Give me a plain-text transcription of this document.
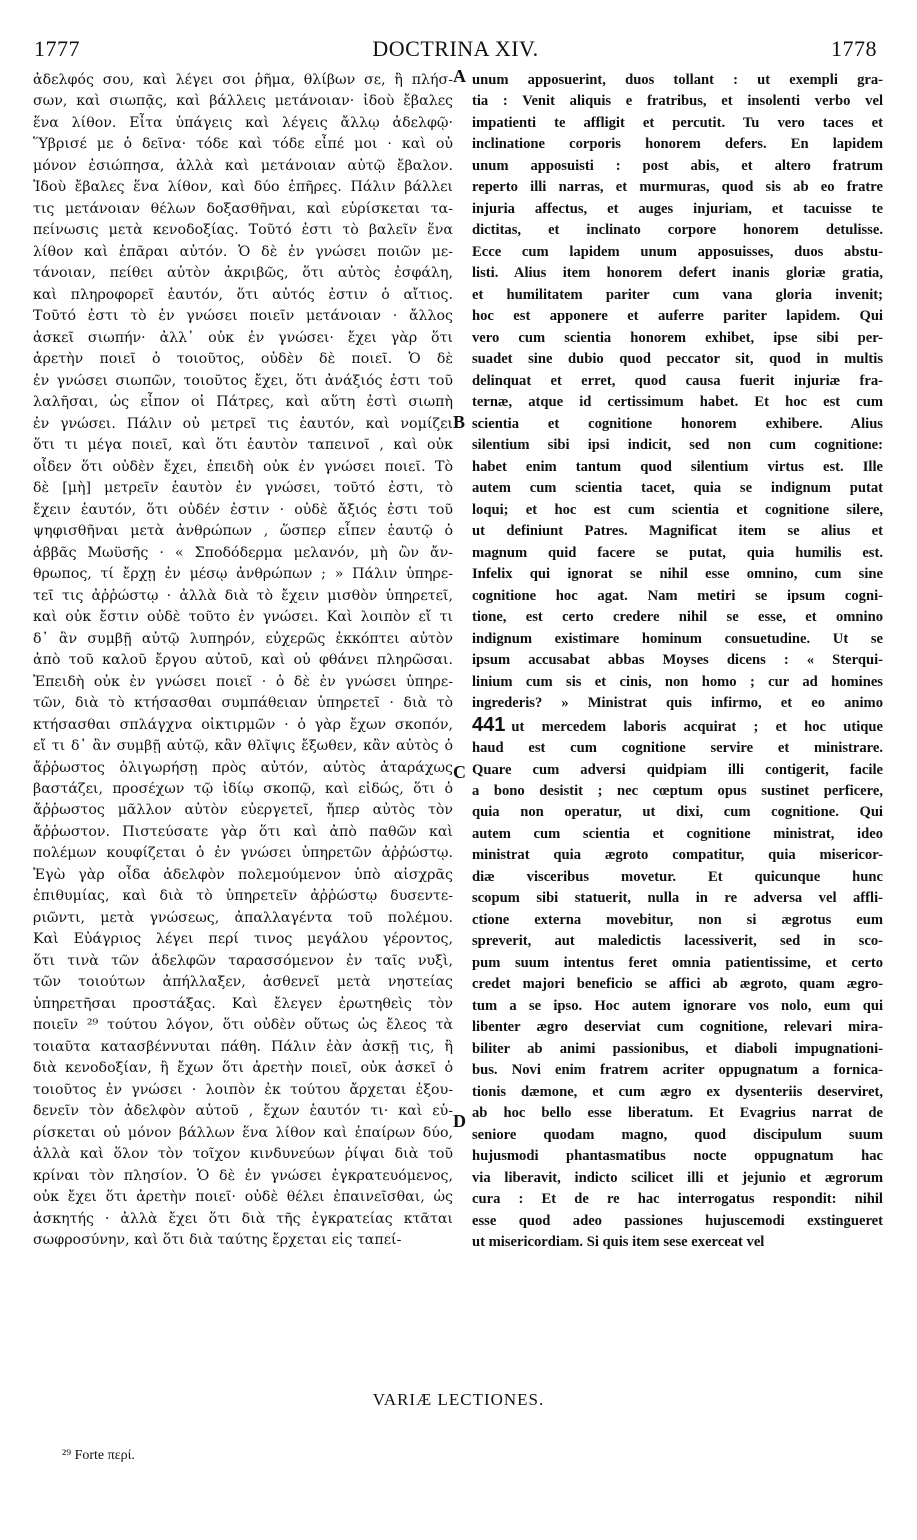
1777	DOCTRINA XIV.	1778
ἀδελφός σου, καὶ λέγει σοι ῥῆμα, θλίβων σε, ἢ πλήσ-
σων, καὶ σιωπᾷς, καὶ βάλλεις μετάνοιαν· ἰδοὺ ἔβαλες
ἕνα λίθον. Εἶτα ὑπάγεις καὶ λέγεις ἄλλῳ ἀδελφῷ·
Ὕβρισέ με ὁ δεῖνα· τόδε καὶ τόδε εἶπέ μοι · καὶ οὐ
μόνον ἐσιώπησα, ἀλλὰ καὶ μετάνοιαν αὐτῷ ἔβαλον.
Ἰδοὺ ἔβαλες ἕνα λίθον, καὶ δύο ἐπῆρες. Πάλιν βάλλει
τις μετάνοιαν θέλων δοξασθῆναι, καὶ εὑρίσκεται τα-
πείνωσις μετὰ κενοδοξίας. Τοῦτό ἐστι τὸ βαλεῖν ἕνα
λίθον καὶ ἐπᾶραι αὐτόν. Ὁ δὲ ἐν γνώσει ποιῶν με-
τάνοιαν, πείθει αὐτὸν ἀκριβῶς, ὅτι αὐτὸς ἐσφάλη,
καὶ πληροφορεῖ ἑαυτόν, ὅτι αὐτός ἐστιν ὁ αἴτιος.
Τοῦτό ἐστι τὸ ἐν γνώσει ποιεῖν μετάνοιαν · ἄλλος
ἀσκεῖ σιωπήν· ἀλλ᾽ οὐκ ἐν γνώσει· ἔχει γὰρ ὅτι
ἀρετὴν ποιεῖ ὁ τοιοῦτος, οὐδὲν δὲ ποιεῖ. Ὁ δὲ
ἐν γνώσει σιωπῶν, τοιοῦτος ἔχει, ὅτι ἀνάξιός ἐστι τοῦ
λαλῆσαι, ὡς εἶπον οἱ Πάτρες, καὶ αὕτη ἐστὶ σιωπὴ
ἐν γνώσει. Πάλιν οὐ μετρεῖ τις ἑαυτόν, καὶ νομίζει
ὅτι τι μέγα ποιεῖ, καὶ ὅτι ἑαυτὸν ταπεινοῖ , καὶ οὐκ
οἶδεν ὅτι οὐδὲν ἔχει, ἐπειδὴ οὐκ ἐν γνώσει ποιεῖ. Τὸ
δὲ [μὴ] μετρεῖν ἑαυτὸν ἐν γνώσει, τοῦτό ἐστι, τὸ
ἔχειν ἑαυτόν, ὅτι οὐδέν ἐστιν · οὐδὲ ἄξιός ἐστι τοῦ
ψηφισθῆναι μετὰ ἀνθρώπων , ὥσπερ εἶπεν ἑαυτῷ ὁ
ἀββᾶς Μωϋσῆς · « Σποδόδερμα μελανόν, μὴ ὢν ἄν-
θρωπος, τί ἔρχῃ ἐν μέσῳ ἀνθρώπων ; » Πάλιν ὑπηρε-
τεῖ τις ἀῤῥώστῳ · ἀλλὰ διὰ τὸ ἔχειν μισθὸν ὑπηρετεῖ,
καὶ οὐκ ἔστιν οὐδὲ τοῦτο ἐν γνώσει. Καὶ λοιπὸν εἴ τι
δ᾽ ἂν συμβῇ αὐτῷ λυπηρόν, εὐχερῶς ἐκκόπτει αὐτὸν
ἀπὸ τοῦ καλοῦ ἔργου αὐτοῦ, καὶ οὐ φθάνει πληρῶσαι.
Ἐπειδὴ οὐκ ἐν γνώσει ποιεῖ · ὁ δὲ ἐν γνώσει ὑπηρε-
τῶν, διὰ τὸ κτήσασθαι συμπάθειαν ὑπηρετεῖ · διὰ τὸ
κτήσασθαι σπλάγχνα οἰκτιρμῶν · ὁ γὰρ ἔχων σκοπόν,
εἴ τι δ᾽ ἂν συμβῇ αὐτῷ, κἂν θλῖψις ἔξωθεν, κἂν αὐτὸς ὁ
ἄῤῥωστος ὀλιγωρήσῃ πρὸς αὐτόν, αὐτὸς ἀταράχως
βαστάζει, προσέχων τῷ ἰδίῳ σκοπῷ, καὶ εἰδώς, ὅτι ὁ
ἄῤῥωστος μᾶλλον αὐτὸν εὐεργετεῖ, ἤπερ αὐτὸς τὸν
ἄῤῥωστον. Πιστεύσατε γὰρ ὅτι καὶ ἀπὸ παθῶν καὶ
πολέμων κουφίζεται ὁ ἐν γνώσει ὑπηρετῶν ἀῤῥώστῳ.
Ἐγὼ γὰρ οἶδα ἀδελφὸν πολεμούμενον ὑπὸ αἰσχρᾶς
ἐπιθυμίας, καὶ διὰ τὸ ὑπηρετεῖν ἀῤῥώστῳ δυσεντε-
ριῶντι, μετὰ γνώσεως, ἀπαλλαγέντα τοῦ πολέμου.
Καὶ Εὐάγριος λέγει περί τινος μεγάλου γέροντος,
ὅτι τινὰ τῶν ἀδελφῶν ταρασσόμενον ἐν ταῖς νυξὶ,
τῶν τοιούτων ἀπήλλαξεν, ἀσθενεῖ μετὰ νηστείας
ὑπηρετῆσαι προστάξας. Καὶ ἔλεγεν ἐρωτηθεὶς τὸν
ποιεῖν ²⁹ τούτου λόγον, ὅτι οὐδὲν οὕτως ὡς ἔλεος τὰ
τοιαῦτα κατασβέννυται πάθη. Πάλιν ἐὰν ἀσκῇ τις, ἢ
διὰ κενοδοξίαν, ἢ ἔχων ὅτι ἀρετὴν ποιεῖ, οὐκ ἀσκεῖ ὁ
τοιοῦτος ἐν γνώσει · λοιπὸν ἐκ τούτου ἄρχεται ἐξου-
δενεῖν τὸν ἀδελφὸν αὐτοῦ , ἔχων ἑαυτόν τι· καὶ εὑ-
ρίσκεται οὐ μόνον βάλλων ἕνα λίθον καὶ ἐπαίρων δύο,
ἀλλὰ καὶ ὅλον τὸν τοῖχον κινδυνεύων ῥίψαι διὰ τοῦ
κρίναι τὸν πλησίον. Ὁ δὲ ἐν γνώσει ἐγκρατευόμενος,
οὐκ ἔχει ὅτι ἀρετὴν ποιεῖ· οὐδὲ θέλει ἐπαινεῖσθαι, ὡς
ἀσκητής · ἀλλὰ ἔχει ὅτι διὰ τῆς ἐγκρατείας κτᾶται
σωφροσύνην, καὶ ὅτι διὰ ταύτης ἔρχεται εἰς ταπεί-
unum apposuerint, duos tollant : ut exempli gra-
tia : Venit aliquis e fratribus, et insolenti verbo vel
impatienti te affligit et percutit. Tu vero taces et
inclinatione corporis honorem defers. En lapidem
unum apposuisti : post abis, et altero fratrum
reperto illi narras, et murmuras, quod sis ab eo fratre
injuria affectus, et auges injuriam, et tacuisse te
dictitas, et inclinato corpore honorem detulisse.
Ecce cum lapidem unum apposuisses, duos abstu-
listi. Alius item honorem defert inanis gloriæ gratia,
et humilitatem pariter cum vana gloria invenit;
hoc est apponere et auferre pariter lapidem. Qui
vero cum scientia honorem exhibet, ipse sibi per-
suadet sine dubio quod peccator sit, quod in multis
delinquat et erret, quod causa fuerit injuriæ fra-
ternæ, atque id certissimum habet. Et hoc est cum
scientia et cognitione honorem exhibere. Alius
silentium sibi ipsi indicit, sed non cum cognitione:
habet enim tantum quod silentium virtus est. Ille
autem cum scientia tacet, quia se indignum putat
loqui; et hoc est cum scientia et cognitione silere,
ut definiunt Patres. Magnificat item se alius et
magnum quid facere se putat, quia humilis est.
Infelix qui ignorat se nihil esse omnino, cum sine
cognitione hoc agat. Nam metiri se ipsum cogni-
tione, est certo credere nihil se esse, et omnino
indignum existimare hominum consuetudine. Ut se
ipsum accusabat abbas Moyses dicens : « Sterqui-
linium cum sis et cinis, non homo ; cur ad homines
ingrederis? » Ministrat quis infirmo, et eo animo
441 ut mercedem laboris acquirat ; et hoc utique
haud est cum cognitione servire et ministrare.
Quare cum adversi quidpiam illi contigerit, facile
a bono desistit ; nec cœptum opus sustinet perficere,
quia non operatur, ut dixi, cum cognitione. Qui
autem cum scientia et cognitione ministrat, ideo
ministrat quia ægroto compatitur, quia misericor-
diæ visceribus movetur. Et quicunque hunc
scopum sibi statuerit, nulla in re adversa vel affli-
ctione externa movebitur, non si ægrotus eum
spreverit, aut maledictis lacessiverit, sed in sco-
pum suum intentus feret omnia patientissime, et certo
credet majori beneficio se affici ab ægroto, quam ægro-
tum a se ipso. Hoc autem ignorare vos nolo, eum qui
libenter ægro deserviat cum cognitione, relevari mira-
biliter ab animi passionibus, et diaboli impugnationi-
bus. Novi enim fratrem acriter oppugnatum a fornica-
tionis dæmone, et cum ægro ex dysenteriis deserviret,
ab hoc bello esse liberatum. Et Evagrius narrat de
seniore quodam magno, quod discipulum suum
hujusmodi phantasmatibus nocte oppugnatum hac
via liberavit, indicto scilicet illi et jejunio et ægrorum
cura : Et de re hac interrogatus respondit: nihil
esse quod adeo passiones hujuscemodi exstingueret
ut misericordiam. Si quis item sese exerceat vel
A
B
C
D
VARIÆ LECTIONES.
²⁹ Forte περί.
